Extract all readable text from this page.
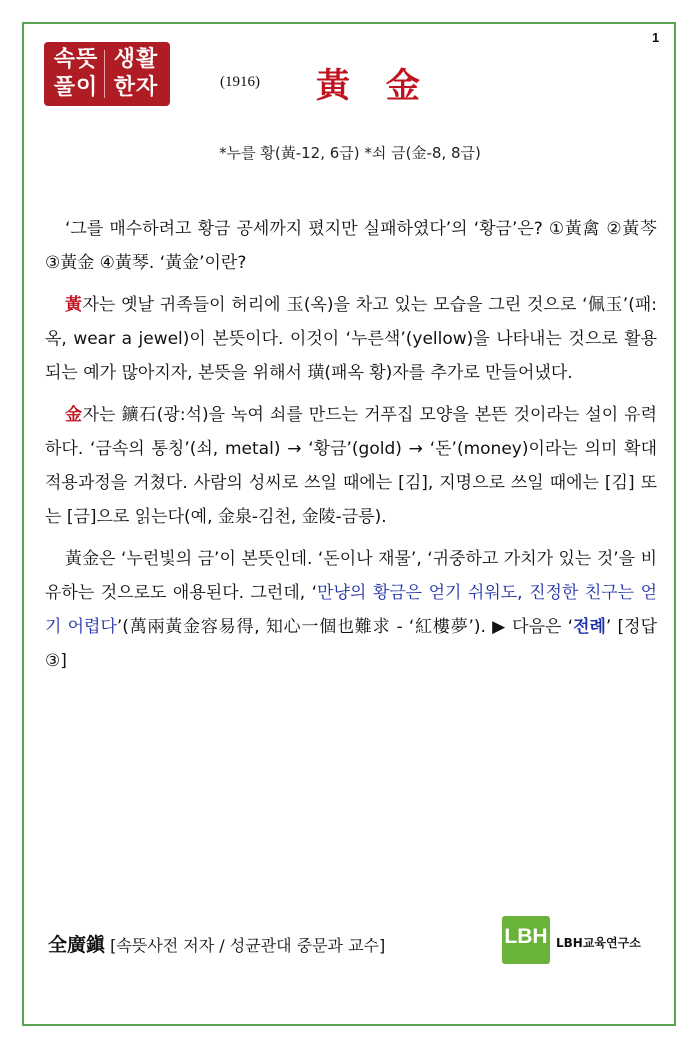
1
속뜻풀이
생활한자	(1916) 黃 金
*누를 황(黃-12, 6급) *쇠 금(金-8, 8급)

‘그를 매수하려고 황금 공세까지 폈지만 실패하였다’의 ‘황금’은? ①黃禽 ②黃芩 ③黃金 ④黃琴. ‘黃金’이란?

黃자는 옛날 귀족들이 허리에 玉(옥)을 차고 있는 모습을 그린 것으로 ‘佩玉’(패:옥, wear a jewel)이 본뜻이다. 이것이 ‘누른색’(yellow)을 나타내는 것으로 활용되는 예가 많아지자, 본뜻을 위해서 璜(패옥 황)자를 추가로 만들어냈다.

金자는 鑛石(광:석)을 녹여 쇠를 만드는 거푸집 모양을 본뜬 것이라는 설이 유력하다. ‘금속의 통칭’(쇠, metal) → ‘황금’(gold) → ‘돈’(money)이라는 의미 확대 적용과정을 거쳤다. 사람의 성씨로 쓰일 때에는 [김], 지명으로 쓰일 때에는 [김] 또는 [금]으로 읽는다(예, 金泉-김천, 金陵-금릉).

黃金은 ‘누런빛의 금’이 본뜻인데. ‘돈이나 재물’, ‘귀중하고 가치가 있는 것’을 비유하는 것으로도 애용된다. 그런데, ‘만냥의 황금은 얻기 쉬워도, 진정한 친구는 얻기 어렵다’(萬兩黃金容易得, 知心一個也難求 - ‘紅樓夢’). ▶ 다음은 ‘전례’ [정답 ③]

全廣鎭 [속뜻사전 저자 / 성균관대 중문과 교수]	LBH LBH교육연구소
